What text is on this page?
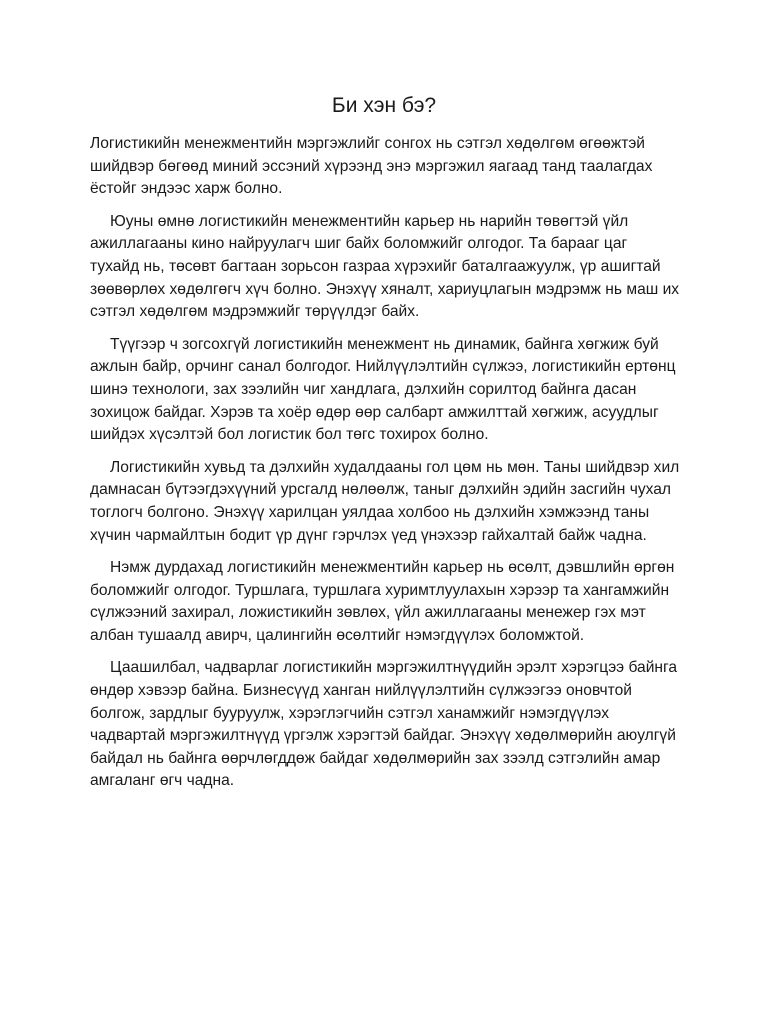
Би хэн бэ?

Логистикийн менежментийн мэргэжлийг сонгох нь сэтгэл хөдөлгөм өгөөжтэй шийдвэр бөгөөд миний эссэний хүрээнд энэ мэргэжил яагаад танд таалагдах ёстойг эндээс харж болно.

Юуны өмнө логистикийн менежментийн карьер нь нарийн төвөгтэй үйл ажиллагааны кино найруулагч шиг байх боломжийг олгодог. Та барааг цаг тухайд нь, төсөвт багтаан зорьсон газраа хүрэхийг баталгаажуулж, үр ашигтай зөөвөрлөх хөдөлгөгч хүч болно. Энэхүү хяналт, хариуцлагын мэдрэмж нь маш их сэтгэл хөдөлгөм мэдрэмжийг төрүүлдэг байх.

Түүгээр ч зогсохгүй логистикийн менежмент нь динамик, байнга хөгжиж буй ажлын байр, орчинг санал болгодог. Нийлүүлэлтийн сүлжээ, логистикийн ертөнц шинэ технологи, зах зээлийн чиг хандлага, дэлхийн сорилтод байнга дасан зохицож байдаг. Хэрэв та хоёр өдөр өөр салбарт амжилттай хөгжиж, асуудлыг шийдэх хүсэлтэй бол логистик бол төгс тохирох болно.

Логистикийн хувьд та дэлхийн худалдааны гол цөм нь мөн. Таны шийдвэр хил дамнасан бүтээгдэхүүний урсгалд нөлөөлж, таныг дэлхийн эдийн засгийн чухал тоглогч болгоно. Энэхүү харилцан уялдаа холбоо нь дэлхийн хэмжээнд таны хүчин чармайлтын бодит үр дүнг гэрчлэх үед үнэхээр гайхалтай байж чадна.

Нэмж дурдахад логистикийн менежментийн карьер нь өсөлт, дэвшлийн өргөн боломжийг олгодог. Туршлага, туршлага хуримтлуулахын хэрээр та хангамжийн сүлжээний захирал, ложистикийн зөвлөх, үйл ажиллагааны менежер гэх мэт албан тушаалд авирч, цалингийн өсөлтийг нэмэгдүүлэх боломжтой.

Цаашилбал, чадварлаг логистикийн мэргэжилтнүүдийн эрэлт хэрэгцээ байнга өндөр хэвээр байна. Бизнесүүд ханган нийлүүлэлтийн сүлжээгээ оновчтой болгож, зардлыг бууруулж, хэрэглэгчийн сэтгэл ханамжийг нэмэгдүүлэх чадвартай мэргэжилтнүүд үргэлж хэрэгтэй байдаг. Энэхүү хөдөлмөрийн аюулгүй байдал нь байнга өөрчлөгддөж байдаг хөдөлмөрийн зах зээлд сэтгэлийн амар амгаланг өгч чадна.
